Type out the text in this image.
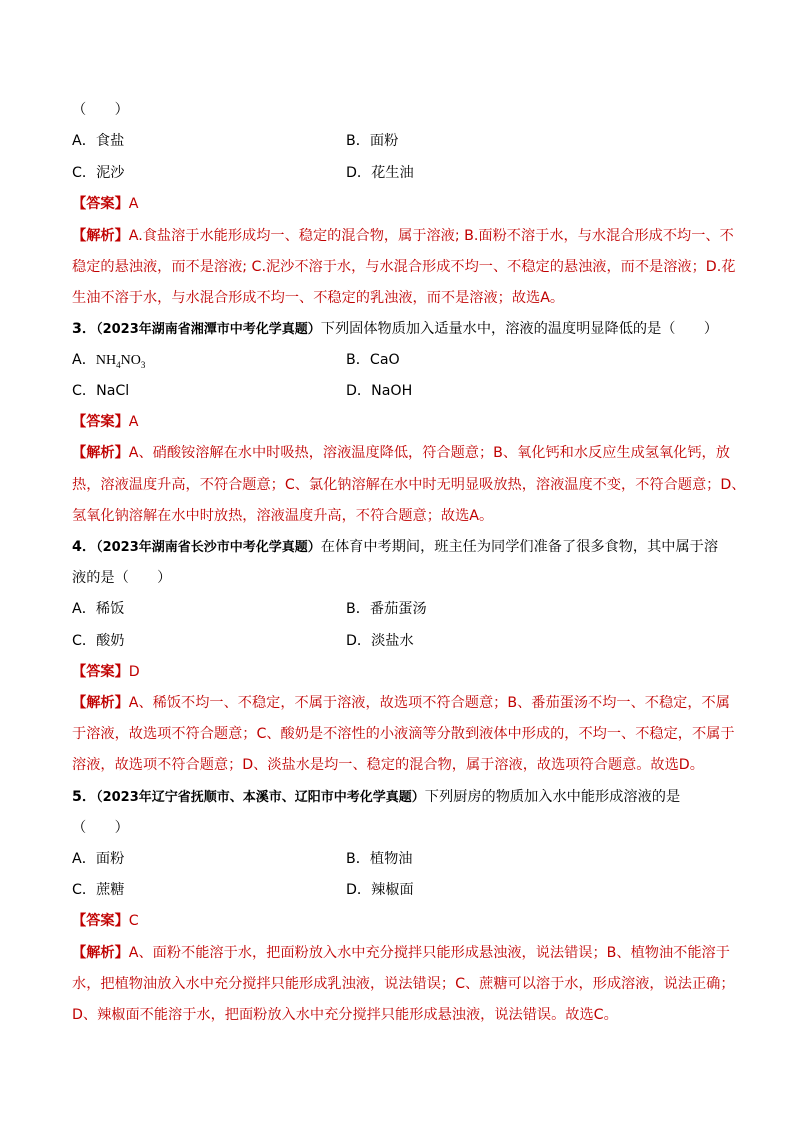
（　　）
A．食盐	B．面粉
C．泥沙	D．花生油
【答案】A
【解析】A.食盐溶于水能形成均一、稳定的混合物，属于溶液; B.面粉不溶于水，与水混合形成不均一、不
稳定的悬浊液，而不是溶液; C.泥沙不溶于水，与水混合形成不均一、不稳定的悬浊液，而不是溶液；D.花
生油不溶于水，与水混合形成不均一、不稳定的乳浊液，而不是溶液；故选A。
3．（2023年湖南省湘潭市中考化学真题）下列固体物质加入适量水中，溶液的温度明显降低的是（　　）
A．$NH_4NO_3$	B．CaO
C．NaCl	D．NaOH
【答案】A
【解析】A、硝酸铵溶解在水中时吸热，溶液温度降低，符合题意；B、氧化钙和水反应生成氢氧化钙，放
热，溶液温度升高，不符合题意；C、氯化钠溶解在水中时无明显吸放热，溶液温度不变，不符合题意；D、
氢氧化钠溶解在水中时放热，溶液温度升高，不符合题意；故选A。
4．（2023年湖南省长沙市中考化学真题）在体育中考期间，班主任为同学们准备了很多食物，其中属于溶
液的是（　　）
A．稀饭	B．番茄蛋汤
C．酸奶	D．淡盐水
【答案】D
【解析】A、稀饭不均一、不稳定，不属于溶液，故选项不符合题意；B、番茄蛋汤不均一、不稳定，不属
于溶液，故选项不符合题意；C、酸奶是不溶性的小液滴等分散到液体中形成的，不均一、不稳定，不属于
溶液，故选项不符合题意；D、淡盐水是均一、稳定的混合物，属于溶液，故选项符合题意。故选D。
5．（2023年辽宁省抚顺市、本溪市、辽阳市中考化学真题）下列厨房的物质加入水中能形成溶液的是
（　　）
A．面粉	B．植物油
C．蔗糖	D．辣椒面
【答案】C
【解析】A、面粉不能溶于水，把面粉放入水中充分搅拌只能形成悬浊液，说法错误；B、植物油不能溶于
水，把植物油放入水中充分搅拌只能形成乳浊液，说法错误；C、蔗糖可以溶于水，形成溶液，说法正确；
D、辣椒面不能溶于水，把面粉放入水中充分搅拌只能形成悬浊液，说法错误。故选C。
